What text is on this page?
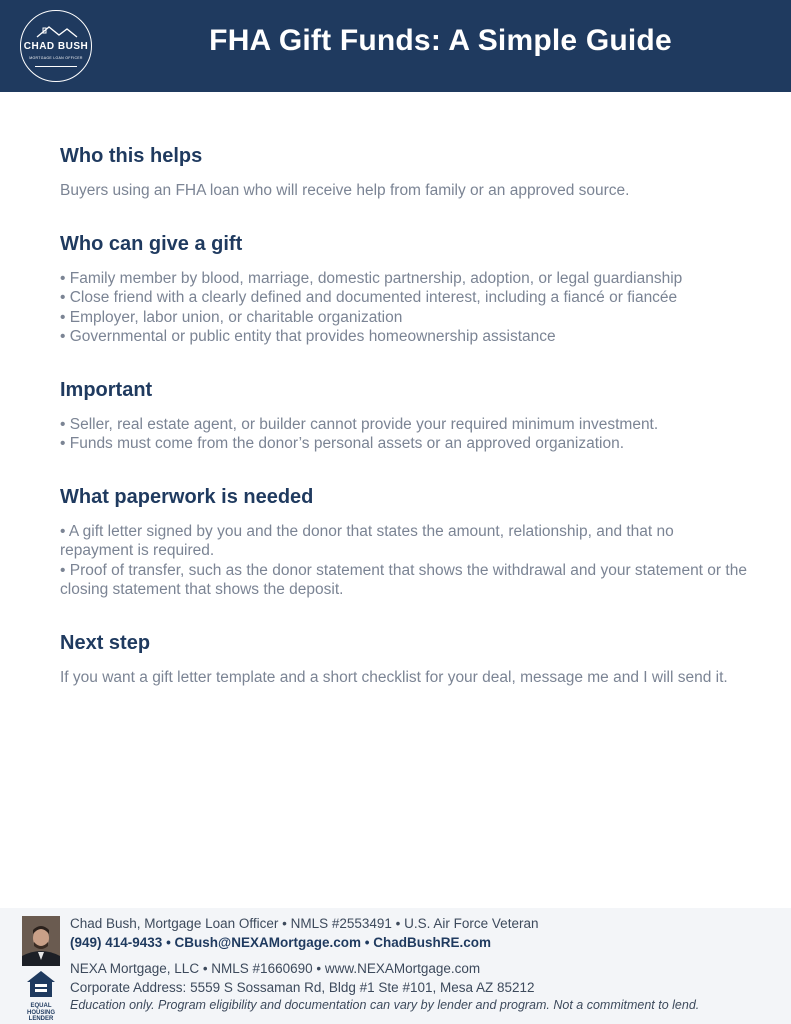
CHAD BUSH
MORTGAGE LOAN OFFICER
FHA Gift Funds: A Simple Guide
Who this helps

Buyers using an FHA loan who will receive help from family or an approved source.

Who can give a gift
• Family member by blood, marriage, domestic partnership, adoption, or legal guardianship
• Close friend with a clearly defined and documented interest, including a fiancé or fiancée
• Employer, labor union, or charitable organization
• Governmental or public entity that provides homeownership assistance
Important
• Seller, real estate agent, or builder cannot provide your required minimum investment.
• Funds must come from the donor’s personal assets or an approved organization.
What paperwork is needed
• A gift letter signed by you and the donor that states the amount, relationship, and that no repayment is required.
• Proof of transfer, such as the donor statement that shows the withdrawal and your statement or the closing statement that shows the deposit.
Next step

If you want a gift letter template and a short checklist for your deal, message me and I will send it.

EQUAL HOUSING
LENDER
Chad Bush, Mortgage Loan Officer • NMLS #2553491 • U.S. Air Force Veteran
(949) 414-9433 • CBush@NEXAMortgage.com • ChadBushRE.com
NEXA Mortgage, LLC • NMLS #1660690 • www.NEXAMortgage.com
Corporate Address: 5559 S Sossaman Rd, Bldg #1 Ste #101, Mesa AZ 85212
Education only. Program eligibility and documentation can vary by lender and program. Not a commitment to lend.
